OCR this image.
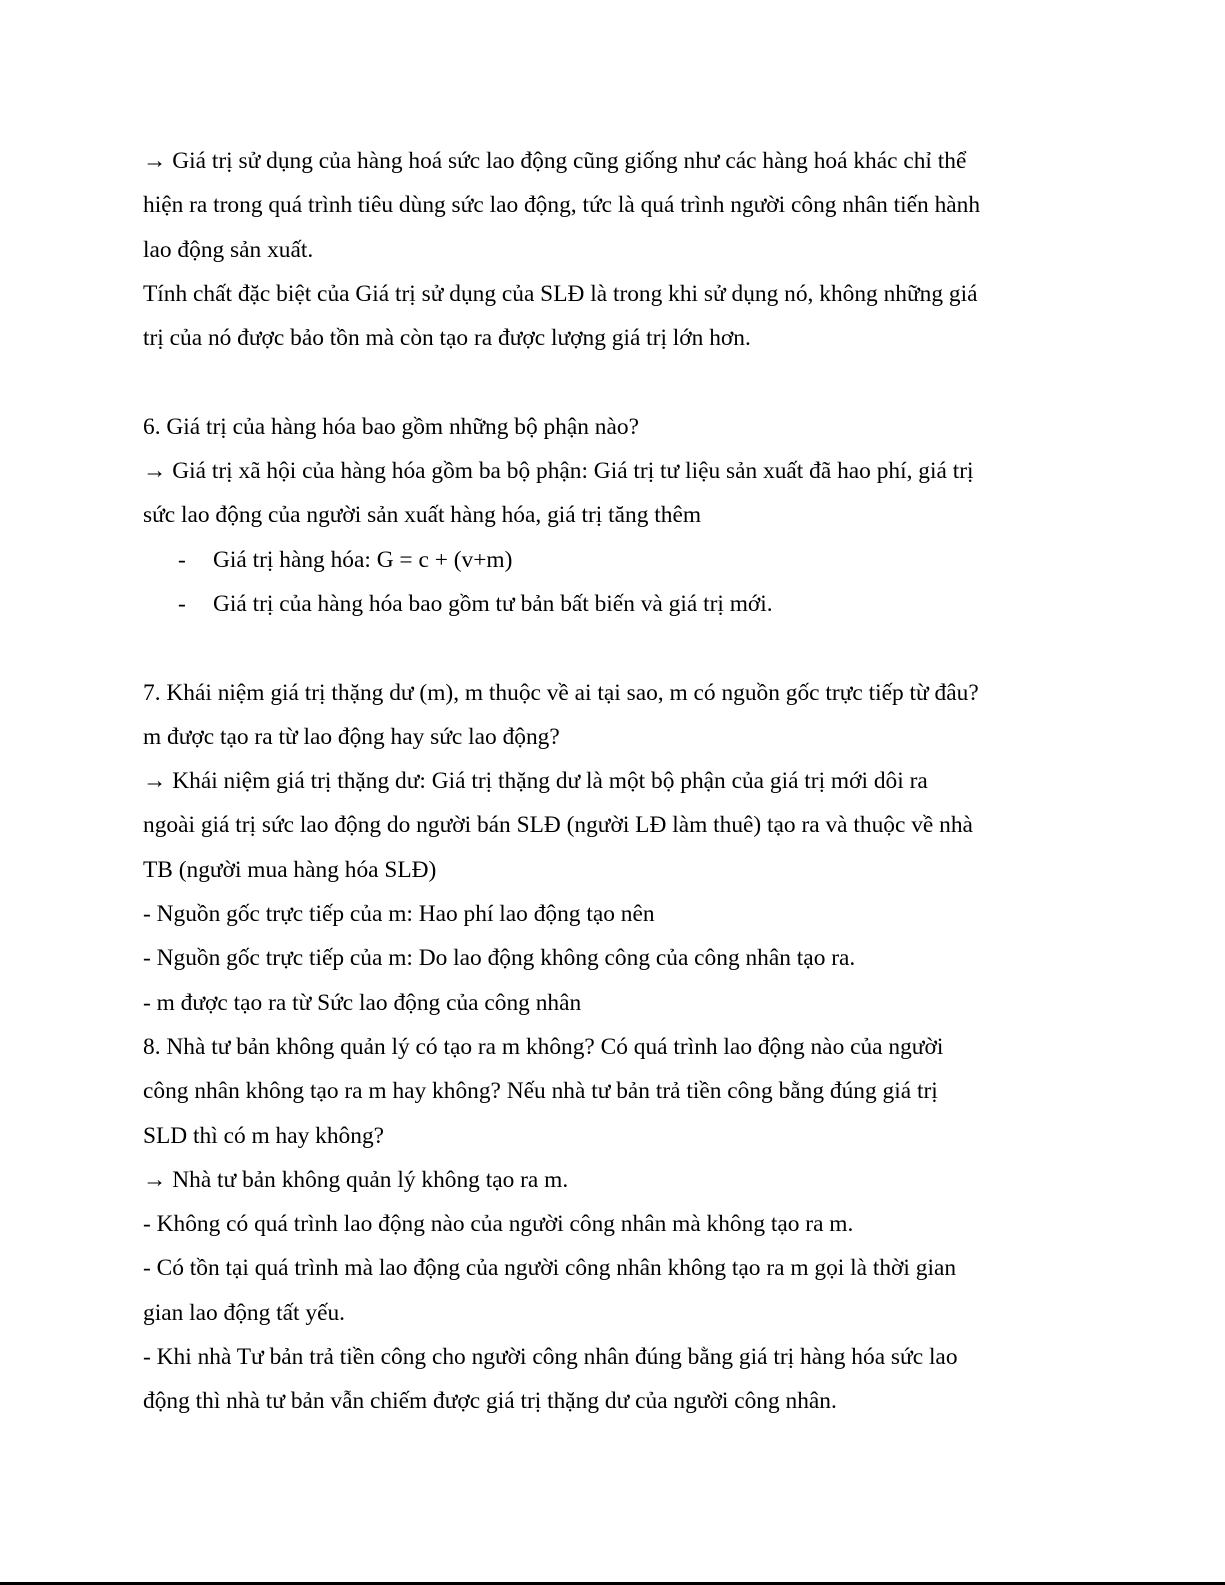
→ Giá trị sử dụng của hàng hoá sức lao động cũng giống như các hàng hoá khác chỉ thể

hiện ra trong quá trình tiêu dùng sức lao động, tức là quá trình người công nhân tiến hành

lao động sản xuất.

Tính chất đặc biệt của Giá trị sử dụng của SLĐ là trong khi sử dụng nó, không những giá

trị của nó được bảo tồn mà còn tạo ra được lượng giá trị lớn hơn.

6. Giá trị của hàng hóa bao gồm những bộ phận nào?

→ Giá trị xã hội của hàng hóa gồm ba bộ phận: Giá trị tư liệu sản xuất đã hao phí, giá trị

sức lao động của người sản xuất hàng hóa, giá trị tăng thêm

-	Giá trị hàng hóa: G = c + (v+m)
-	Giá trị của hàng hóa bao gồm tư bản bất biến và giá trị mới.

7. Khái niệm giá trị thặng dư (m), m thuộc về ai tại sao, m có nguồn gốc trực tiếp từ đâu?

m được tạo ra từ lao động hay sức lao động?

→ Khái niệm giá trị thặng dư: Giá trị thặng dư là một bộ phận của giá trị mới dôi ra

ngoài giá trị sức lao động do người bán SLĐ (người LĐ làm thuê) tạo ra và thuộc về nhà

TB (người mua hàng hóa SLĐ)

- Nguồn gốc trực tiếp của m: Hao phí lao động tạo nên

- Nguồn gốc trực tiếp của m: Do lao động không công của công nhân tạo ra.

- m được tạo ra từ Sức lao động của công nhân

8. Nhà tư bản không quản lý có tạo ra m không? Có quá trình lao động nào của người

công nhân không tạo ra m hay không? Nếu nhà tư bản trả tiền công bằng đúng giá trị

SLD thì có m hay không?

→ Nhà tư bản không quản lý không tạo ra m.

- Không có quá trình lao động nào của người công nhân mà không tạo ra m.

- Có tồn tại quá trình mà lao động của người công nhân không tạo ra m gọi là thời gian

gian lao động tất yếu.

- Khi nhà Tư bản trả tiền công cho người công nhân đúng bằng giá trị hàng hóa sức lao

động thì nhà tư bản vẫn chiếm được giá trị thặng dư của người công nhân.
